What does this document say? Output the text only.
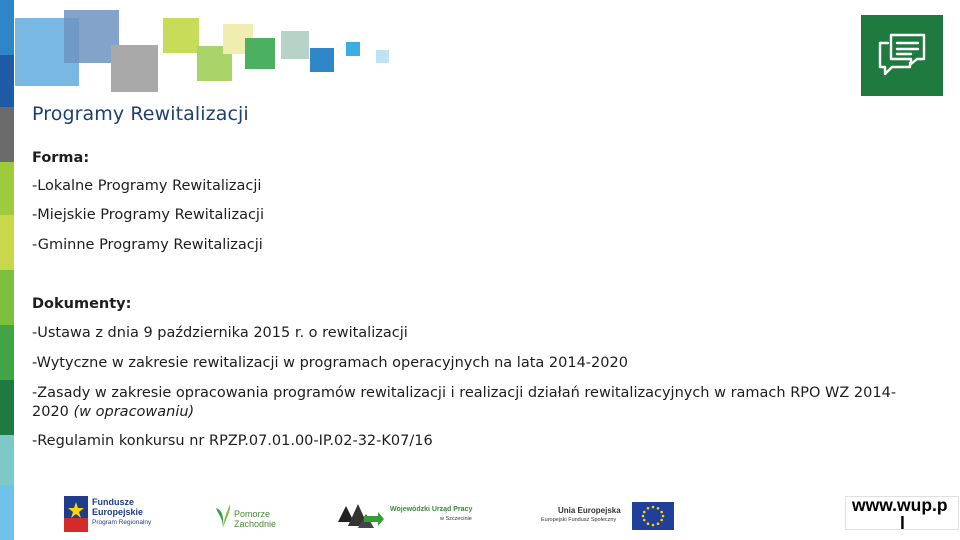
Programy Rewitalizacji
Forma:
-Lokalne Programy Rewitalizacji
-Miejskie Programy Rewitalizacji
-Gminne Programy Rewitalizacji
Dokumenty:
-Ustawa z dnia 9 października 2015 r. o rewitalizacji
-Wytyczne w zakresie rewitalizacji w programach operacyjnych na lata 2014-2020
-Zasady w zakresie opracowania programów rewitalizacji i realizacji działań rewitalizacyjnych w ramach RPO WZ 2014-2020 (w opracowaniu)
-Regulamin konkursu nr RPZP.07.01.00-IP.02-32-K07/16
Fundusze
Europejskie
Program Regionalny
Pomorze
Zachodnie
Wojewódzki Urząd Pracy
w Szczecinie
Unia Europejska
Europejski Fundusz Społeczny
www.wup.p
l
